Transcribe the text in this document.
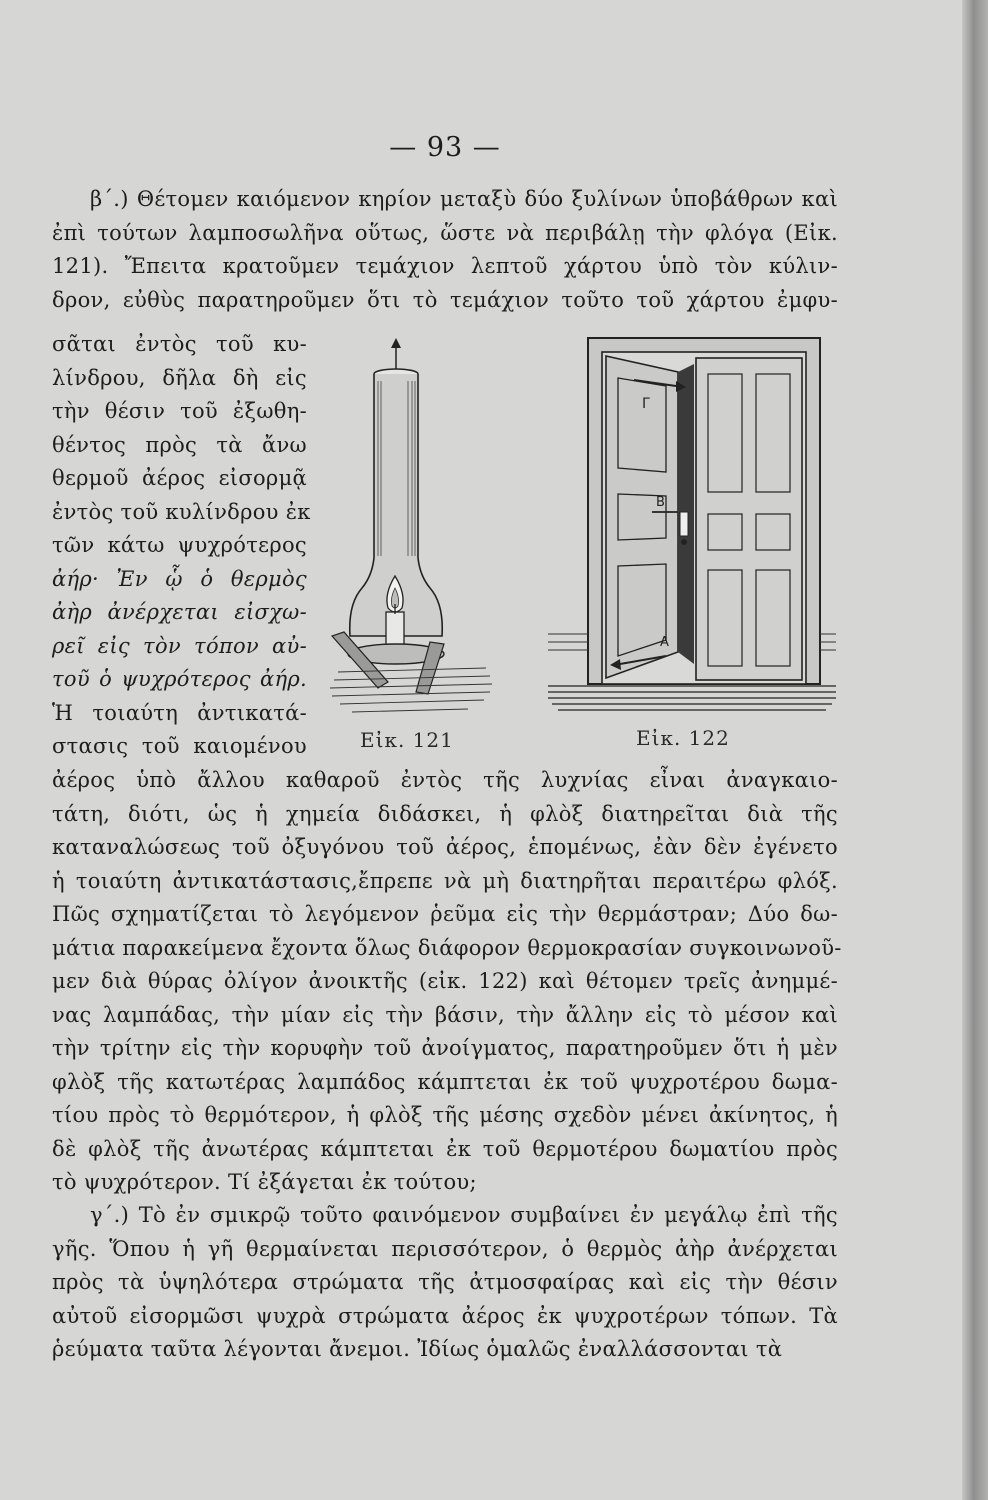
— 93 —
β΄.) Θέτομεν καιόμενον κηρίον μεταξὺ δύο ξυλίνων ὑποβάθρων καὶ
ἐπὶ τούτων λαμποσωλῆνα οὕτως, ὥστε νὰ περιβάλῃ τὴν φλόγα (Εἰκ.
121). Ἔπειτα κρατοῦμεν τεμάχιον λεπτοῦ χάρτου ὑπὸ τὸν κύλιν-
δρον, εὐθὺς παρατηροῦμεν ὅτι τὸ τεμάχιον τοῦτο τοῦ χάρτου ἐμφυ-
σᾶται ἐντὸς τοῦ κυ-
λίνδρου, δῆλα δὴ εἰς
τὴν θέσιν τοῦ ἐξωθη-
θέντος πρὸς τὰ ἄνω
θερμοῦ ἀέρος εἰσορμᾷ
ἐντὸς τοῦ κυλίνδρου ἐκ
τῶν κάτω ψυχρότερος
ἀήρ· Ἐν ᾧ ὁ θερμὸς
ἀὴρ ἀνέρχεται εἰσχω-
ρεῖ εἰς τὸν τόπον αὐ-
τοῦ ὁ ψυχρότερος ἀήρ.
Ἡ τοιαύτη ἀντικατά-
στασις τοῦ καιομένου	Εἰκ. 121
Γ
Β
Α
Εἰκ. 122
ἀέρος ὑπὸ ἄλλου καθαροῦ ἐντὸς τῆς λυχνίας εἶναι ἀναγκαιο-
τάτη, διότι, ὡς ἡ χημεία διδάσκει, ἡ φλὸξ διατηρεῖται διὰ τῆς
καταναλώσεως τοῦ ὀξυγόνου τοῦ ἀέρος, ἑπομένως, ἐὰν δὲν ἐγένετο
ἡ τοιαύτη ἀντικατάστασις,ἔπρεπε νὰ μὴ διατηρῆται περαιτέρω φλόξ.
Πῶς σχηματίζεται τὸ λεγόμενον ῥεῦμα εἰς τὴν θερμάστραν; Δύο δω-
μάτια παρακείμενα ἔχοντα ὅλως διάφορον θερμοκρασίαν συγκοινωνοῦ-
μεν διὰ θύρας ὀλίγον ἀνοικτῆς (εἰκ. 122) καὶ θέτομεν τρεῖς ἀνημμέ-
νας λαμπάδας, τὴν μίαν εἰς τὴν βάσιν, τὴν ἄλλην εἰς τὸ μέσον καὶ
τὴν τρίτην εἰς τὴν κορυφὴν τοῦ ἀνοίγματος, παρατηροῦμεν ὅτι ἡ μὲν
φλὸξ τῆς κατωτέρας λαμπάδος κάμπτεται ἐκ τοῦ ψυχροτέρου δωμα-
τίου πρὸς τὸ θερμότερον, ἡ φλὸξ τῆς μέσης σχεδὸν μένει ἀκίνητος, ἡ
δὲ φλὸξ τῆς ἀνωτέρας κάμπτεται ἐκ τοῦ θερμοτέρου δωματίου πρὸς
τὸ ψυχρότερον. Τί ἐξάγεται ἐκ τούτου;
γ΄.) Τὸ ἐν σμικρῷ τοῦτο φαινόμενον συμβαίνει ἐν μεγάλῳ ἐπὶ τῆς
γῆς. Ὅπου ἡ γῆ θερμαίνεται περισσότερον, ὁ θερμὸς ἀὴρ ἀνέρχεται
πρὸς τὰ ὑψηλότερα στρώματα τῆς ἀτμοσφαίρας καὶ εἰς τὴν θέσιν
αὐτοῦ εἰσορμῶσι ψυχρὰ στρώματα ἀέρος ἐκ ψυχροτέρων τόπων. Τὰ
ῥεύματα ταῦτα λέγονται ἄνεμοι. Ἰδίως ὁμαλῶς ἐναλλάσσονται τὰ
